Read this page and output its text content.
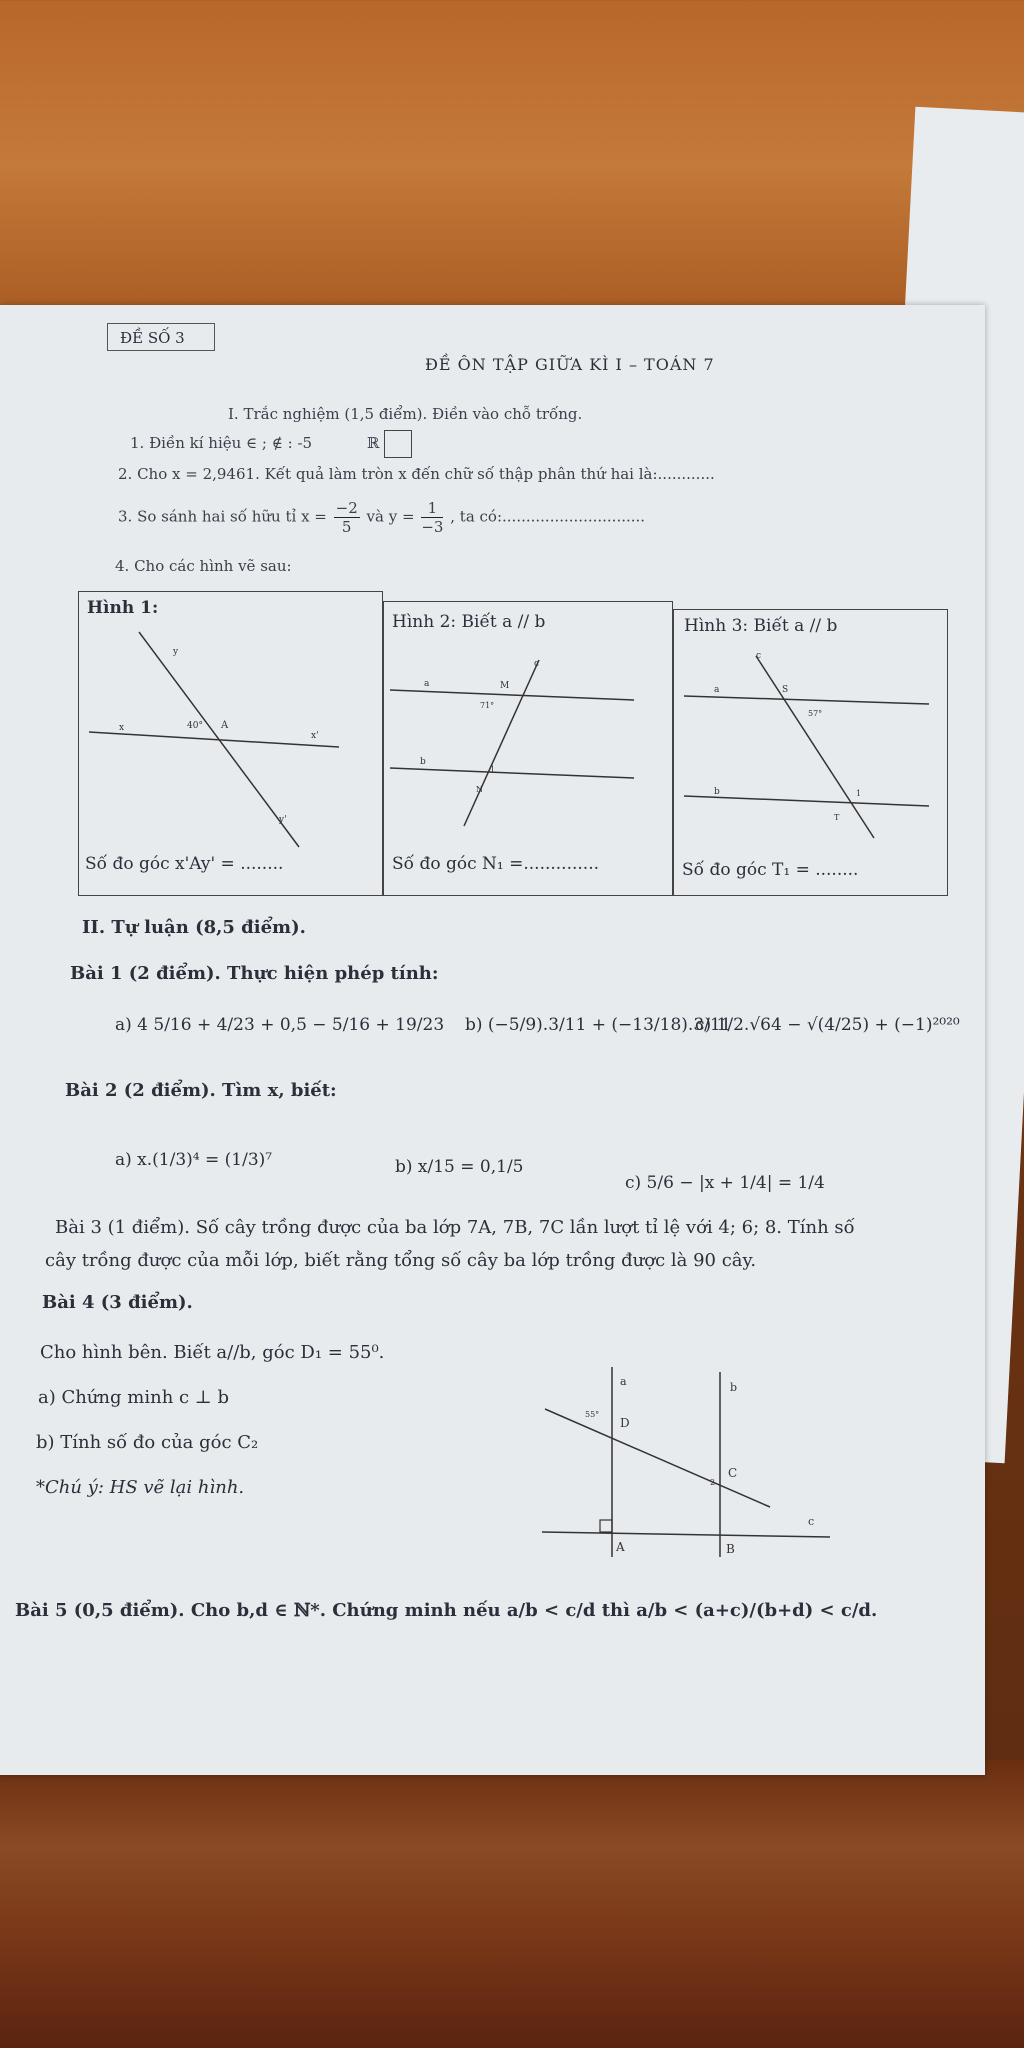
ĐỀ SỐ 3
ĐỀ ÔN TẬP GIỮA KÌ I – TOÁN 7
I. Trắc nghiệm (1,5 điểm). Điền vào chỗ trống.
1. Điền kí hiệu ∈ ; ∉ : -5	ℝ
2. Cho x = 2,9461. Kết quả làm tròn x đến chữ số thập phân thứ hai là:............
3. So sánh hai số hữu tỉ $x = \frac{-2}{5}$ và $y = \frac{1}{-3}$ , ta có:..............................
4. Cho các hình vẽ sau:
Hình 1:
40° A
x
x'
y
y'
Số đo góc x'Ay' = ........
Hình 2: Biết a // b
a
b
c
M
71°
1
N
Số đo góc N₁ =..............
Hình 3: Biết a // b
a
b
c
S
57°
1
T
Số đo góc T₁ = ........
II. Tự luận (8,5 điểm).
Bài 1 (2 điểm). Thực hiện phép tính:
a) 4 5/16 + 4/23 + 0,5 − 5/16 + 19/23 b) (−5/9).3/11 + (−13/18).3/11
c) 1/2.√64 − √(4/25) + (−1)²⁰²⁰
Bài 2 (2 điểm). Tìm x, biết:
a) x.(1/3)⁴ = (1/3)⁷	b) x/15 = 0,1/5
c) 5/6 − |x + 1/4| = 1/4
Bài 3 (1 điểm). Số cây trồng được của ba lớp 7A, 7B, 7C lần lượt tỉ lệ với 4; 6; 8. Tính số
cây trồng được của mỗi lớp, biết rằng tổng số cây ba lớp trồng được là 90 cây.
Bài 4 (3 điểm).
Cho hình bên. Biết a//b, góc D₁ = 55⁰.
a) Chứng minh c ⊥ b
b) Tính số đo của góc C₂
*Chú ý: HS vẽ lại hình.
a	b
c
D
C
A	B
55°
2
Bài 5 (0,5 điểm). Cho b,d ∈ ℕ*. Chứng minh nếu a/b < c/d thì a/b < (a+c)/(b+d) < c/d.
